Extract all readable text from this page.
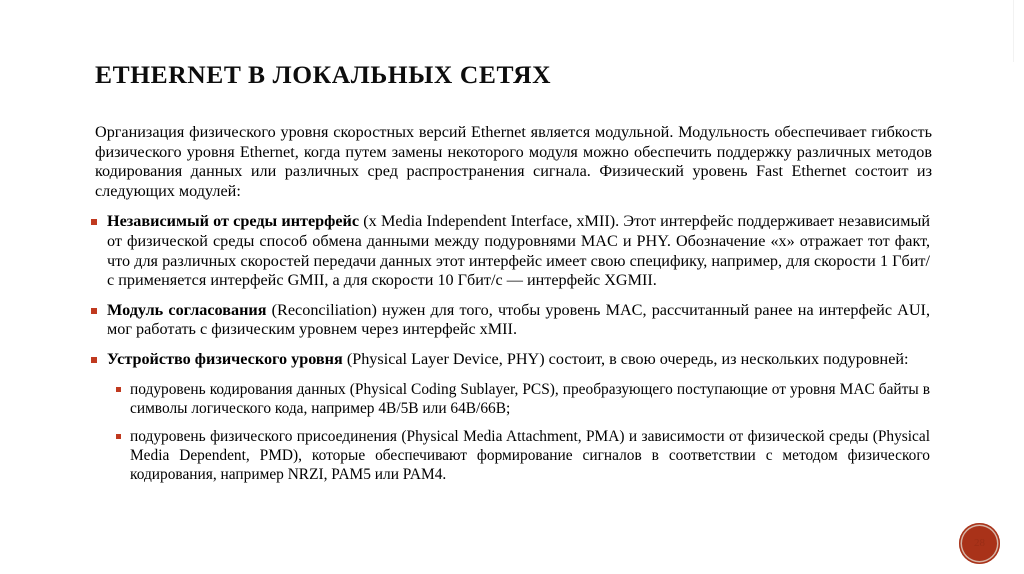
ETHERNET В ЛОКАЛЬНЫХ СЕТЯХ

Организация физического уровня скоростных версий Ethernet является модульной. Модульность обеспечивает гибкость физического уровня Ethernet, когда путем замены некоторого модуля можно обеспечить поддержку различных методов кодирования данных или различных сред распространения сигнала. Физический уровень Fast Ethernet состоит из следующих модулей:

Независимый от среды интерфейс (x Media Independent Interface, xMII). Этот интерфейс поддерживает независимый от физической среды способ обмена данными между подуровнями MAC и PHY. Обозначение «х» отражает тот факт, что для различных скоростей передачи данных этот интерфейс имеет свою специфику, например, для скорости 1 Гбит/с применяется интерфейс GMII, а для скорости 10 Гбит/с — интерфейс XGMII.
Модуль согласования (Reconciliation) нужен для того, чтобы уровень MAC, рассчитанный ранее на интерфейс AUI, мог работать с физическим уровнем через интерфейс xMII.
Устройство физического уровня (Physical Layer Device, PHY) состоит, в свою очередь, из нескольких подуровней:
подуровень кодирования данных (Physical Coding Sublayer, PCS), преобразующего поступающие от уровня MAC байты в символы логического кода, например 4В/5В или 64В/66В;
подуровень физического присоединения (Physical Media Attachment, PMA) и зависимости от физической среды (Physical Media Dependent, PMD), которые обеспечивают формирование сигналов в соответствии с методом физического кодирования, например NRZI, PAM5 или PAM4.
28
